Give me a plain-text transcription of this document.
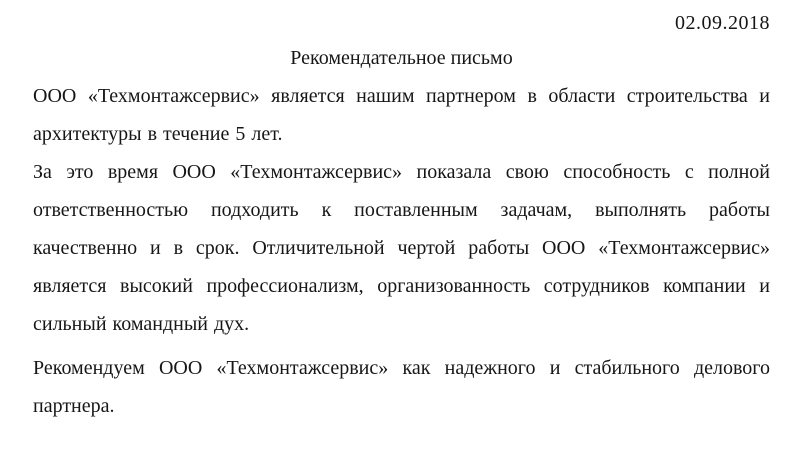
02.09.2018
Рекомендательное письмо

ООО «Техмонтажсервис» является нашим партнером в области строительства и архитектуры в течение 5 лет.

За это время ООО «Техмонтажсервис» показала свою способность с полной ответственностью подходить к поставленным задачам, выполнять работы качественно и в срок. Отличительной чертой работы ООО «Техмонтажсервис» является высокий профессионализм, организованность сотрудников компании и сильный командный дух.

Рекомендуем ООО «Техмонтажсервис» как надежного и стабильного делового партнера.
